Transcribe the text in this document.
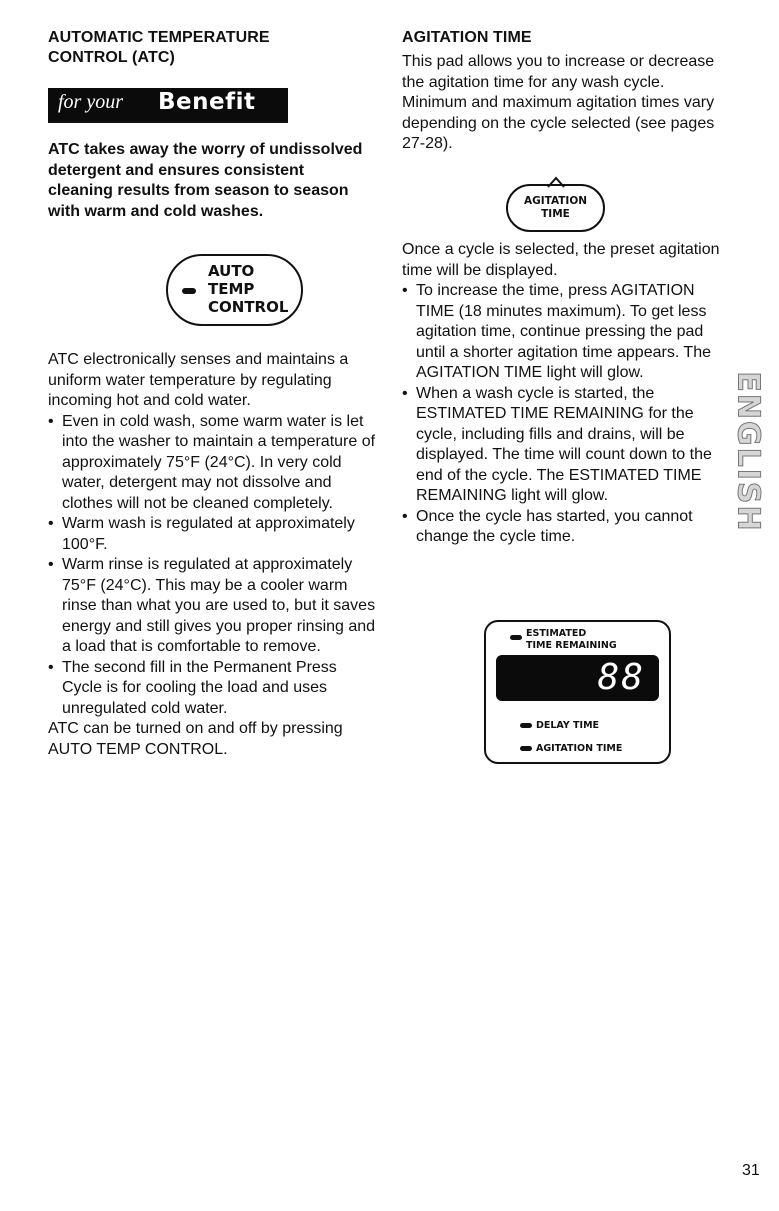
AUTOMATIC TEMPERATURE

CONTROL (ATC)

for your Benefit

ATC takes away the worry of undissolved detergent and ensures consistent cleaning results from season to season with warm and cold washes.

AUTO
TEMP
CONTROL

ATC electronically senses and maintains a uniform water temperature by regulating incoming hot and cold water.

• Even in cold wash, some warm water is let into the washer to maintain a temperature of approximately 75°F (24°C). In very cold water, detergent may not dissolve and clothes will not be cleaned completely.
• Warm wash is regulated at approximately 100°F.
• Warm rinse is regulated at approximately 75°F (24°C). This may be a cooler warm rinse than what you are used to, but it saves energy and still gives you proper rinsing and a load that is comfortable to remove.
• The second fill in the Permanent Press Cycle is for cooling the load and uses unregulated cold water.

ATC can be turned on and off by pressing AUTO TEMP CONTROL.

AGITATION TIME

This pad allows you to increase or decrease the agitation time for any wash cycle. Minimum and maximum agitation times vary depending on the cycle selected (see pages 27-28).

AGITATION
TIME

Once a cycle is selected, the preset agitation time will be displayed.

• To increase the time, press AGITATION TIME (18 minutes maximum). To get less agitation time, continue pressing the pad until a shorter agitation time appears. The AGITATION TIME light will glow.
• When a wash cycle is started, the ESTIMATED TIME REMAINING for the cycle, including fills and drains, will be displayed. The time will count down to the end of the cycle. The ESTIMATED TIME REMAINING light will glow.
• Once the cycle has started, you cannot change the cycle time.
ESTIMATED
TIME REMAINING
88
DELAY TIME
AGITATION TIME
ENGLISH
31
